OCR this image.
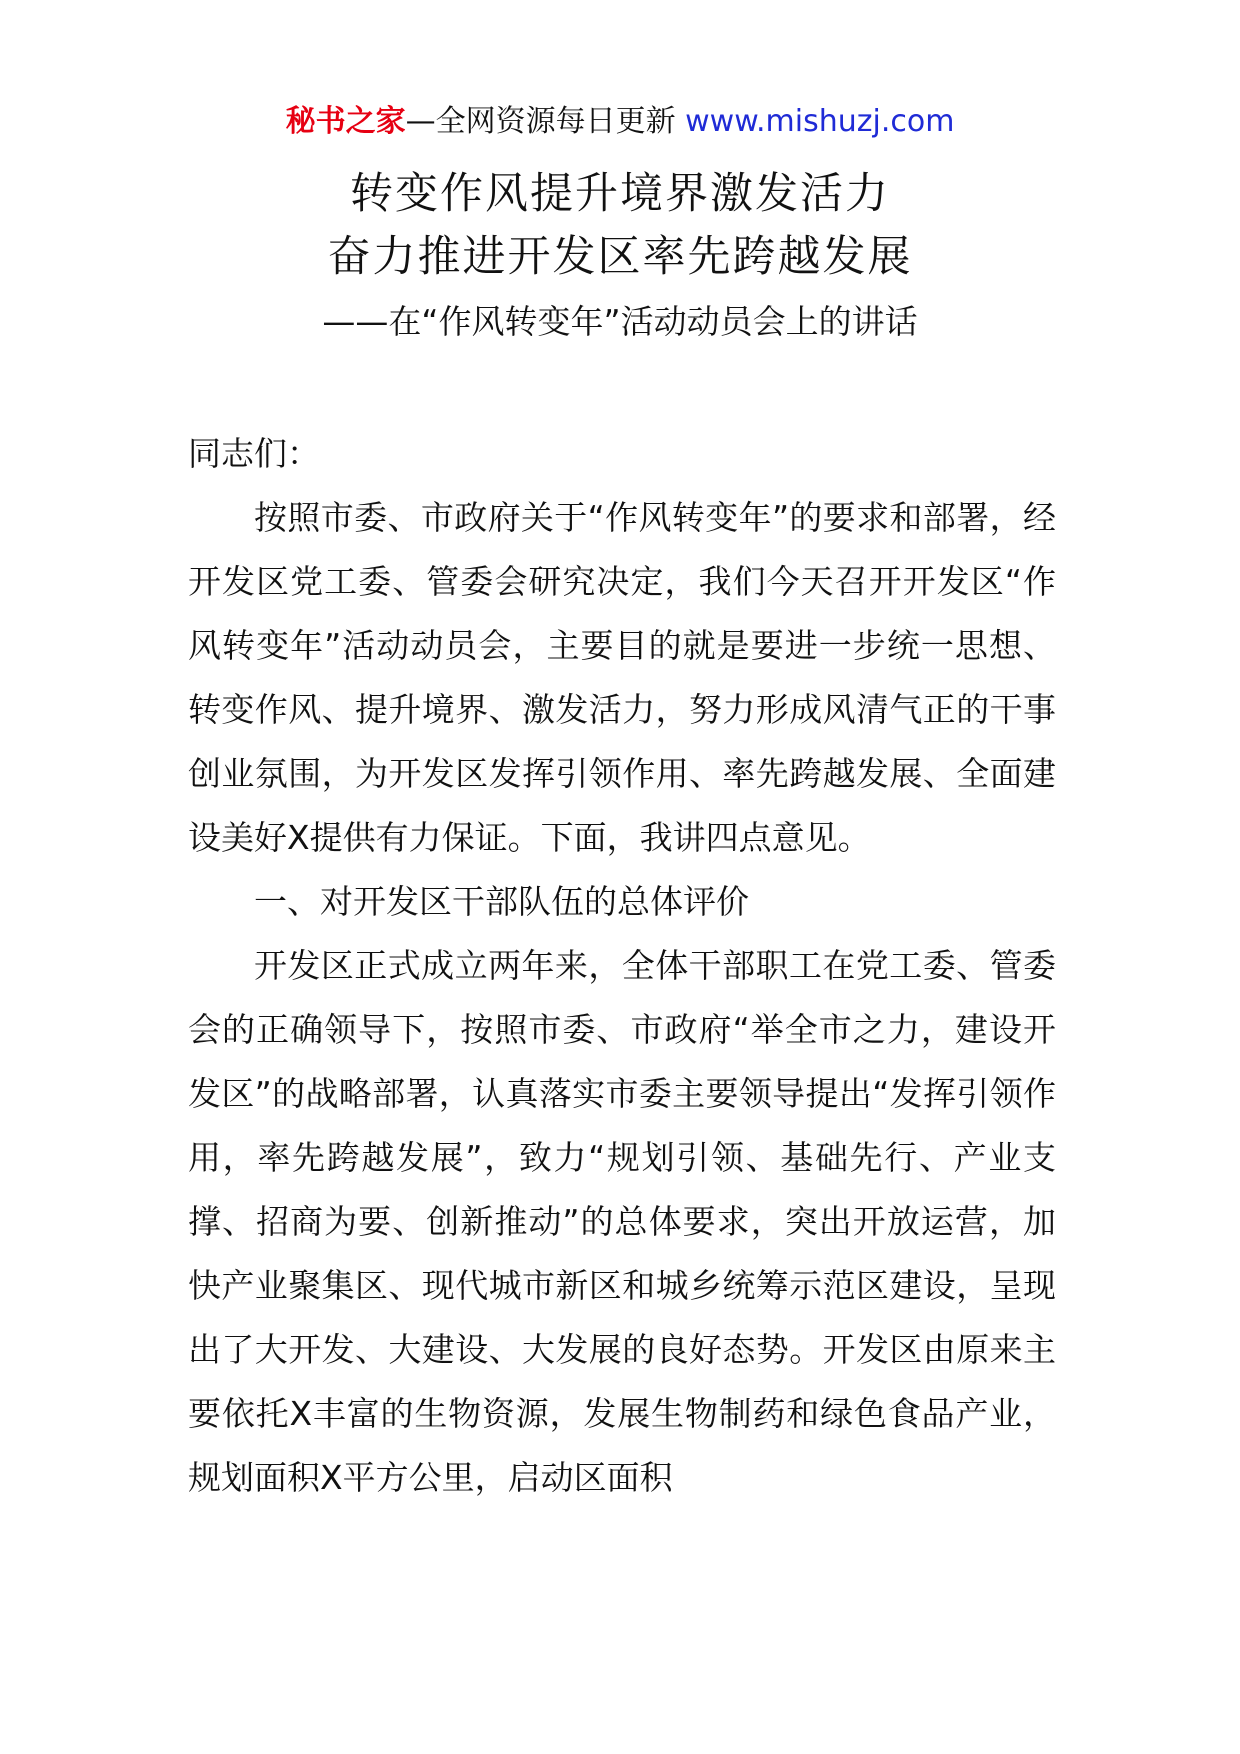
秘书之家—全网资源每日更新 www.mishuzj.com
转变作风提升境界激发活力
奋力推进开发区率先跨越发展
——在“作风转变年”活动动员会上的讲话

同志们：

按照市委、市政府关于“作风转变年”的要求和部署，经开发区党工委、管委会研究决定，我们今天召开开发区“作风转变年”活动动员会，主要目的就是要进一步统一思想、转变作风、提升境界、激发活力，努力形成风清气正的干事创业氛围，为开发区发挥引领作用、率先跨越发展、全面建设美好X提供有力保证。下面，我讲四点意见。

一、对开发区干部队伍的总体评价

开发区正式成立两年来，全体干部职工在党工委、管委会的正确领导下，按照市委、市政府“举全市之力，建设开发区”的战略部署，认真落实市委主要领导提出“发挥引领作用，率先跨越发展”，致力“规划引领、基础先行、产业支撑、招商为要、创新推动”的总体要求，突出开放运营，加快产业聚集区、现代城市新区和城乡统筹示范区建设，呈现出了大开发、大建设、大发展的良好态势。开发区由原来主要依托X丰富的生物资源，发展生物制药和绿色食品产业，规划面积X平方公里，启动区面积
